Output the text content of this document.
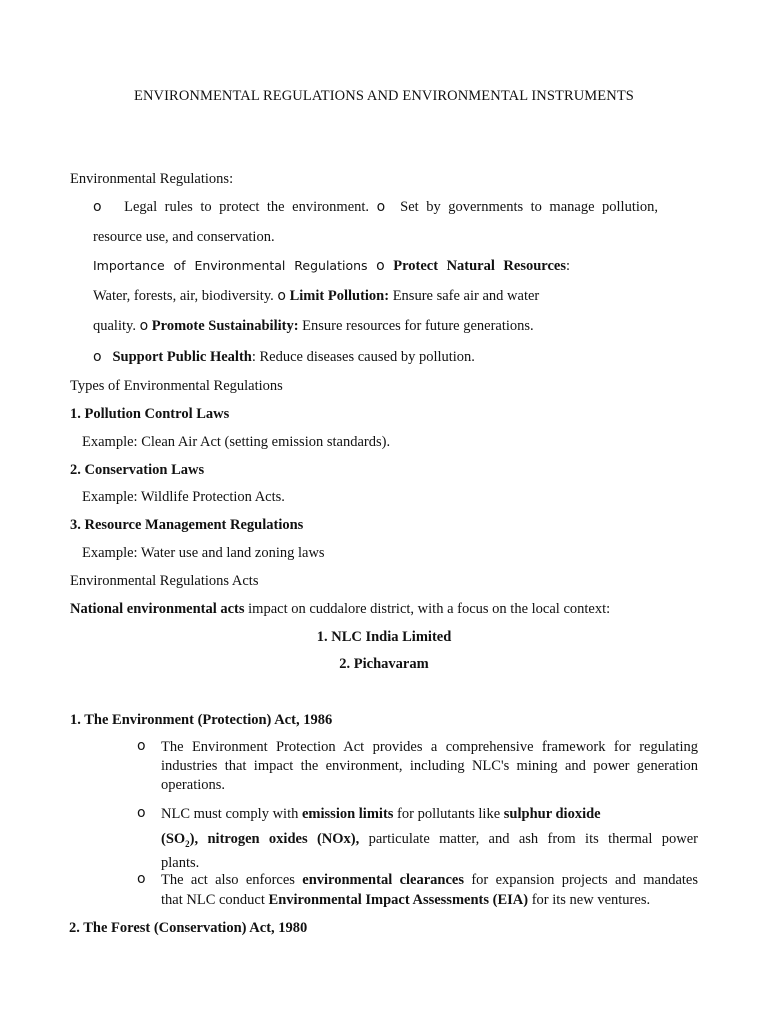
ENVIRONMENTAL REGULATIONS AND ENVIRONMENTAL INSTRUMENTS
Environmental Regulations:
o Legal rules to protect the environment. o Set by governments to manage pollution,
resource use, and conservation.
Importance of Environmental Regulations o Protect Natural Resources:
Water, forests, air, biodiversity. o Limit Pollution: Ensure safe air and water
quality. o Promote Sustainability: Ensure resources for future generations.
o Support Public Health: Reduce diseases caused by pollution.
Types of Environmental Regulations
1. Pollution Control Laws
Example: Clean Air Act (setting emission standards).
2. Conservation Laws
Example: Wildlife Protection Acts.
3. Resource Management Regulations
Example: Water use and land zoning laws
Environmental Regulations Acts
National environmental acts impact on cuddalore district, with a focus on the local context:
1. NLC India Limited
2. Pichavaram
1. The Environment (Protection) Act, 1986
o The Environment Protection Act provides a comprehensive framework for regulating
industries that impact the environment, including NLC's mining and power generation
operations.
o NLC must comply with emission limits for pollutants like sulphur dioxide
$(SO_2)$, nitrogen oxides (NOx), particulate matter, and ash from its thermal power
plants.
o The act also enforces environmental clearances for expansion projects and mandates
that NLC conduct Environmental Impact Assessments (EIA) for its new ventures.
2. The Forest (Conservation) Act, 1980
